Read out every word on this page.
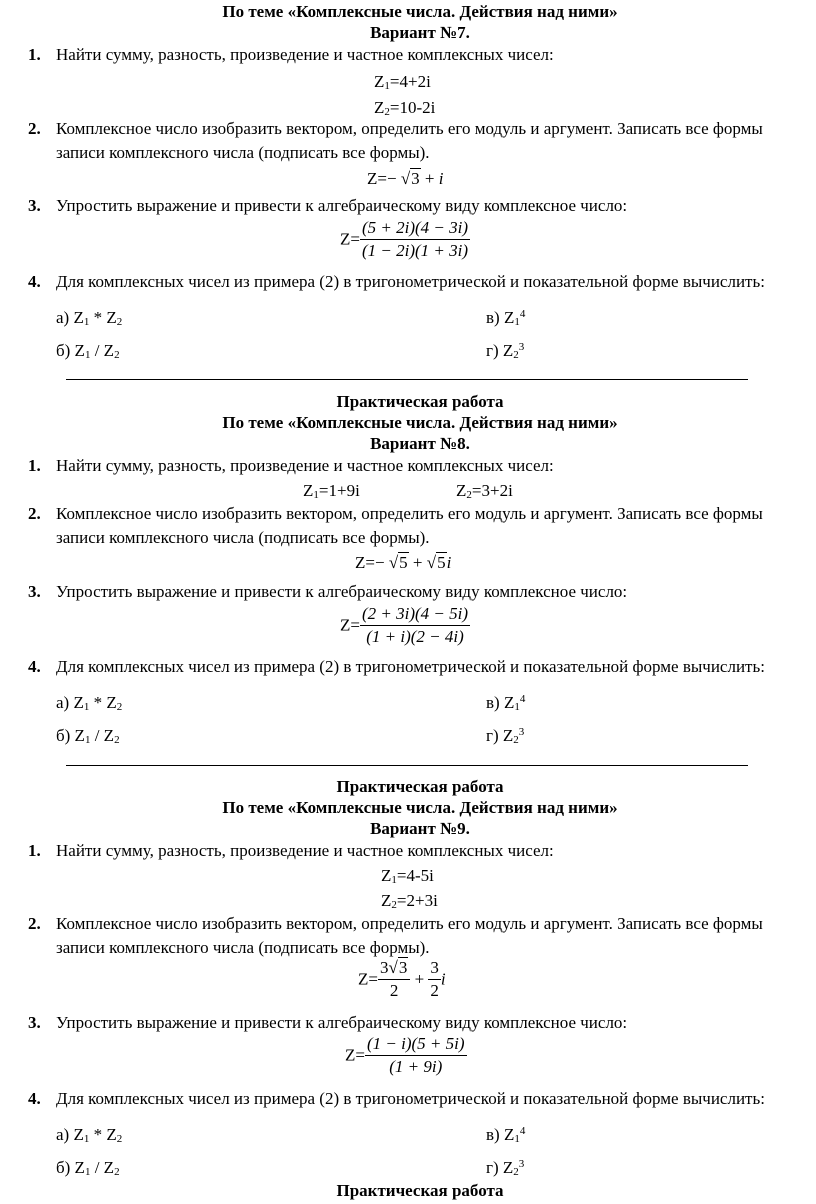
По теме «Комплексные числа. Действия над ними»
Вариант №7.
1. Найти сумму, разность, произведение и частное комплексных чисел:
$Z_1=4+2i$
$Z_2=10-2i$
2. Комплексное число изобразить вектором, определить его модуль и аргумент. Записать все формы
записи комплексного числа (подписать все формы).
Z=− √3 + i
3. Упростить выражение и привести к алгебраическому виду комплексное число:
$Z= \frac{(5 + 2i)(4 - 3i)}{(1 - 2i)(1 + 3i)}$
4. Для комплексных чисел из примера (2) в тригонометрической и показательной форме вычислить:
а) $Z_1 * Z_2$	в) $Z_1^4$
б) $Z_1 / Z_2$	г) $Z_2^3$
Практическая работа
По теме «Комплексные числа. Действия над ними»
Вариант №8.
1. Найти сумму, разность, произведение и частное комплексных чисел:
$Z_1=1+9i$	$Z_2=3+2i$
2. Комплексное число изобразить вектором, определить его модуль и аргумент. Записать все формы
записи комплексного числа (подписать все формы).
Z=− √5 + √5i
3. Упростить выражение и привести к алгебраическому виду комплексное число:
$Z= \frac{(2 + 3i)(4 - 5i)}{(1 + i)(2 - 4i)}$
4. Для комплексных чисел из примера (2) в тригонометрической и показательной форме вычислить:
а) $Z_1 * Z_2$	в) $Z_1^4$
б) $Z_1 / Z_2$	г) $Z_2^3$
Практическая работа
По теме «Комплексные числа. Действия над ними»
Вариант №9.
1. Найти сумму, разность, произведение и частное комплексных чисел:
$Z_1=4-5i$
$Z_2=2+3i$
2. Комплексное число изобразить вектором, определить его модуль и аргумент. Записать все формы
записи комплексного числа (подписать все формы).
$Z= \frac{3√3}{2} + \frac{3}{2}$ i
3. Упростить выражение и привести к алгебраическому виду комплексное число:
$Z= \frac{(1 - i)(5 + 5i)}{(1 + 9i)}$
4. Для комплексных чисел из примера (2) в тригонометрической и показательной форме вычислить:
а) $Z_1 * Z_2$	в) $Z_1^4$
б) $Z_1 / Z_2$	г) $Z_2^3$
Практическая работа
